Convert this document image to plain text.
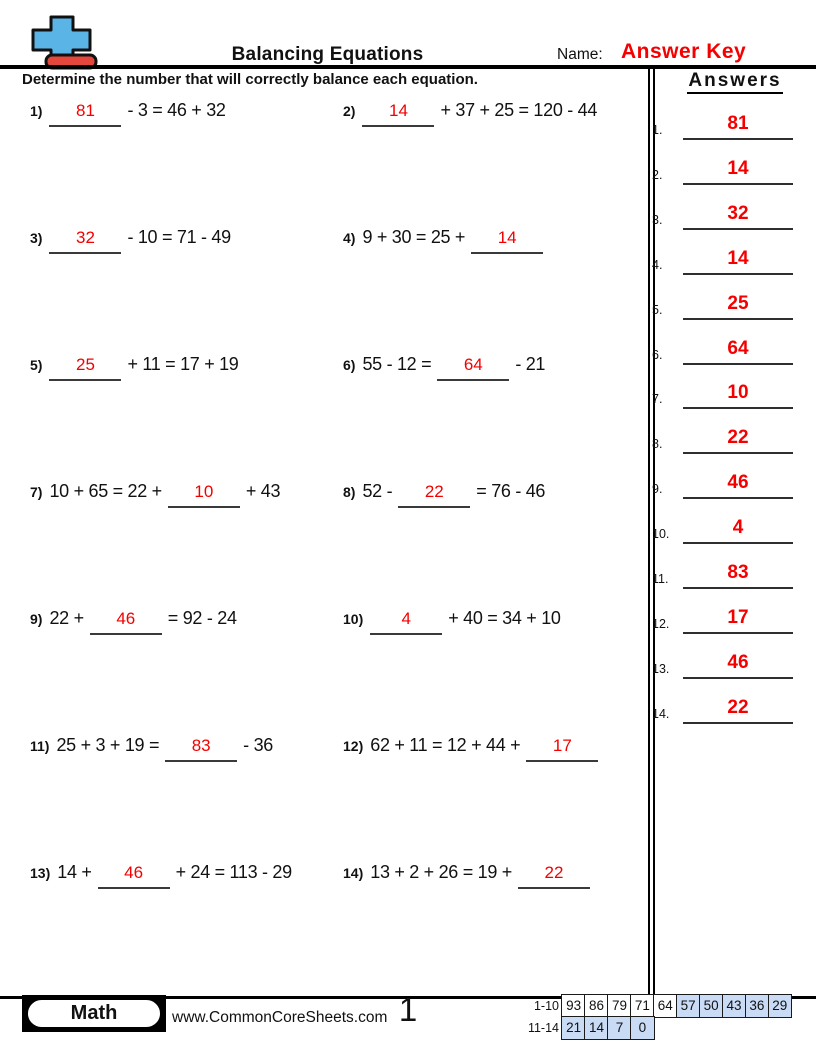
Balancing Equations	Name: Answer Key
Determine the number that will correctly balance each equation.
1)	81	- 3 = 46 + 32	2)	14	+ 37 + 25 = 120 - 44
3)	32	- 10 = 71 - 49	4) 9 + 30 = 25 +	14
5)	25	+ 11 = 17 + 19	6) 55 - 12 =	64	- 21
7) 10 + 65 = 22 +	10	+ 43	8) 52 -	22	= 76 - 46
9) 22 +	46	= 92 - 24	10)	4	+ 40 = 34 + 10
11) 25 + 3 + 19 =	83	- 36	12) 62 + 11 = 12 + 44 +	17
13) 14 +	46	+ 24 = 113 - 29	14) 13 + 2 + 26 = 19 +	22
Answers
1.	81
2.	14
3.	32
4.	14
5.	25
6.	64
7.	10
8.	22
9.	46
10.	4
11.	83
12.	17
13.	46
14.	22
Math	www.CommonCoreSheets.com 1	1-10 93 86 79 71 64 57 50 43 36 29
11-14 21 14 7	0
